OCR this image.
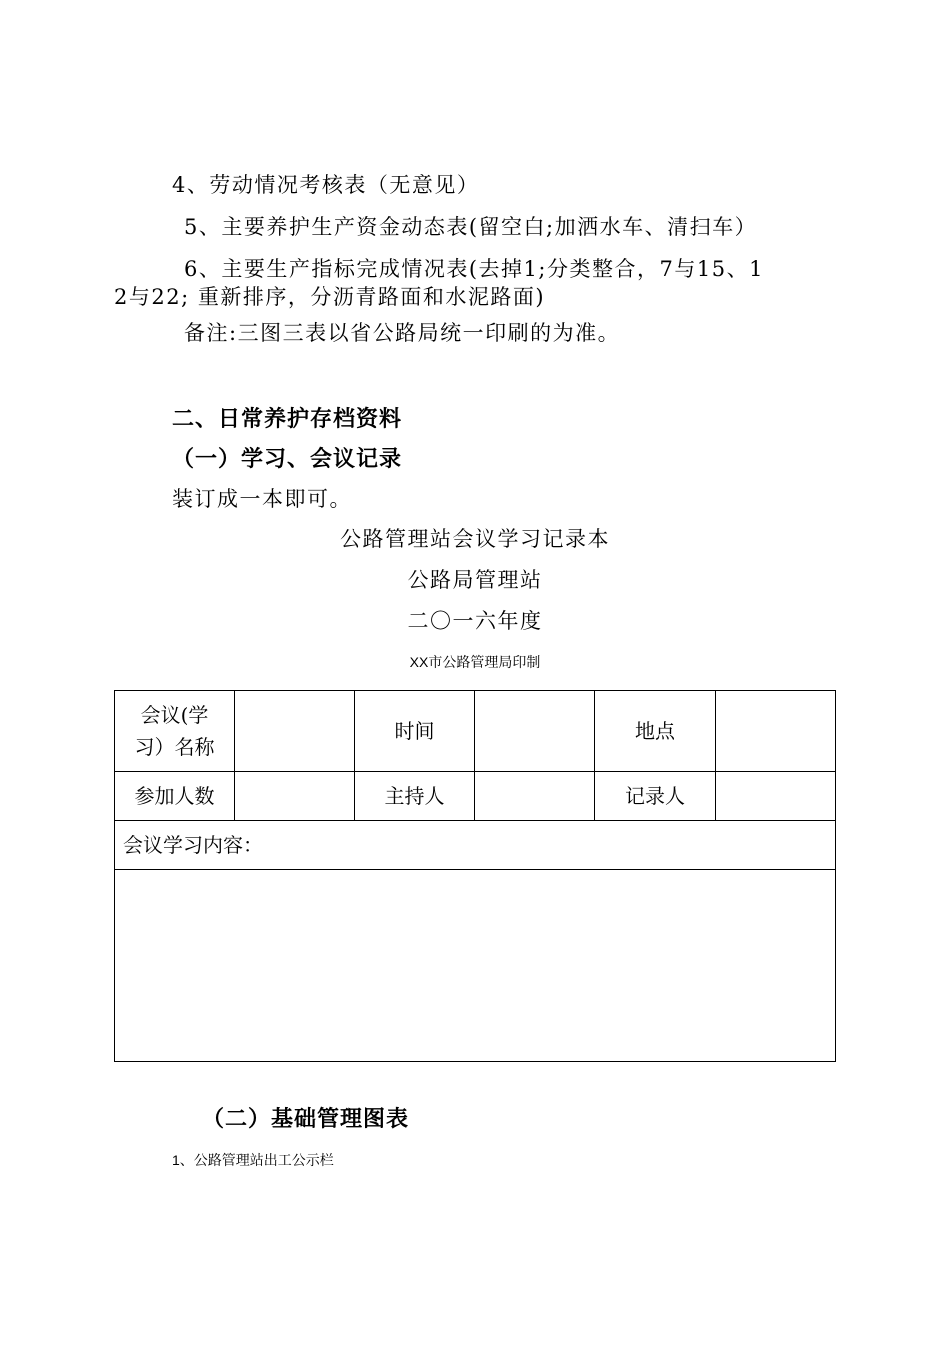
4、劳动情况考核表（无意见）
5、主要养护生产资金动态表(留空白;加洒水车、清扫车）
6、主要生产指标完成情况表(去掉1;分类整合，7与15、1
2与22; 重新排序，分沥青路面和水泥路面)
备注:三图三表以省公路局统一印刷的为准。
二、日常养护存档资料
（一）学习、会议记录
装订成一本即可。
公路管理站会议学习记录本
公路局管理站
二〇一六年度
XX市公路管理局印制
会议(学
习）名称		时间		地点	
参加人数		主持人		记录人	
会议学习内容：					

（二）基础管理图表
1、公路管理站出工公示栏
